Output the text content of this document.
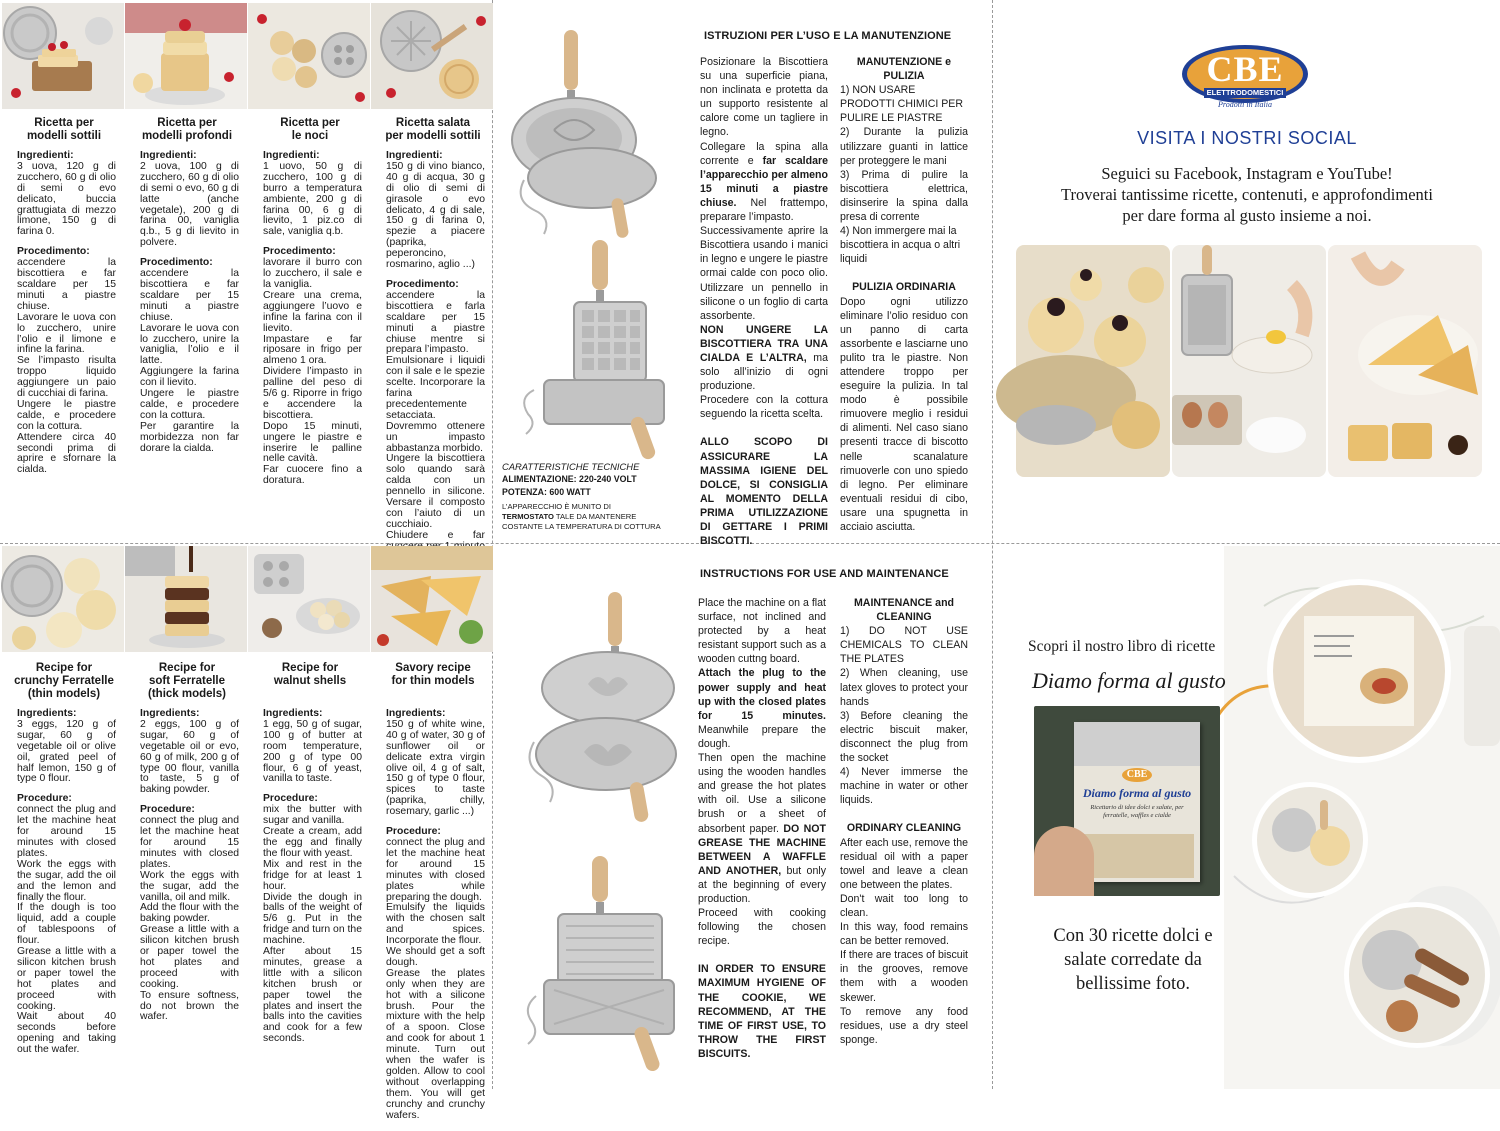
Ricetta per
modelli sottili
Ingredienti:
3 uova, 120 g di zucchero, 60 g di olio di semi o evo delicato, buccia grattugiata di mezzo limone, 150 g di farina 0.
Procedimento:
accendere la biscottiera e far scaldare per 15 minuti a piastre chiuse.
Lavorare le uova con lo zucchero, unire l’olio e il limone e infine la farina.
Se l’impasto risulta troppo liquido aggiungere un paio di cucchiai di farina.
Ungere le piastre calde, e procedere con la cottura.
Attendere circa 40 secondi prima di aprire e sfornare la cialda.
Ricetta per
modelli profondi
Ingredienti:
2 uova, 100 g di zucchero, 60 g di olio di semi o evo, 60 g di latte (anche vegetale), 200 g di farina 00, vaniglia q.b., 5 g di lievito in polvere.
Procedimento:
accendere la biscottiera e far scaldare per 15 minuti a piastre chiuse.
Lavorare le uova con lo zucchero, unire la vaniglia, l’olio e il latte.
Aggiungere la farina con il lievito.
Ungere le piastre calde, e procedere con la cottura.
Per garantire la morbidezza non far dorare la cialda.
Ricetta per
le noci
Ingredienti:
1 uovo, 50 g di zucchero, 100 g di burro a temperatura ambiente, 200 g di farina 00, 6 g di lievito, 1 piz.co di sale, vaniglia q.b.
Procedimento:
lavorare il burro con lo zucchero, il sale e la vaniglia.
Creare una crema, aggiungere l’uovo e infine la farina con il lievito.
Impastare e far riposare in frigo per almeno 1 ora.
Dividere l’impasto in palline del peso di 5/6 g. Riporre in frigo e accendere la biscottiera.
Dopo 15 minuti, ungere le piastre e inserire le palline nelle cavità.
Far cuocere fino a doratura.
Ricetta salata
per modelli sottili
Ingredienti:
150 g di vino bianco, 40 g di acqua, 30 g di olio di semi di girasole o evo delicato, 4 g di sale, 150 g di farina 0, spezie a piacere (paprika, peperoncino, rosmarino, aglio ...)
Procedimento:
accendere la biscottiera e farla scaldare per 15 minuti a piastre chiuse mentre si prepara l’impasto.
Emulsionare i liquidi con il sale e le spezie scelte. Incorporare la farina precedentemente setacciata.
Dovremmo ottenere un impasto abbastanza morbido.
Ungere la biscottiera solo quando sarà calda con un pennello in silicone. Versare il composto con l’aiuto di un cucchiaio.
Chiudere e far

Recipe for
crunchy Ferratelle
(thin models)
Ingredients:
3 eggs, 120 g of sugar, 60 g of vegetable oil or olive oil, grated peel of half lemon, 150 g of type 0 flour.
Procedure:
connect the plug and let the machine heat for around 15 minutes with closed plates.
Work the eggs with the sugar, add the oil and the lemon and finally the flour.
If the dough is too liquid, add a couple of tablespoons of flour.
Grease a little with a silicon kitchen brush or paper towel the hot plates and proceed with cooking.
Wait about 40 seconds before opening and taking out the wafer.
Recipe for
soft Ferratelle
(thick models)
Ingredients:
2 eggs, 100 g of sugar, 60 g of vegetable oil or evo, 60 g of milk, 200 g of type 00 flour, vanilla to taste, 5 g of baking powder.
Procedure:
connect the plug and let the machine heat for around 15 minutes with closed plates.
Work the eggs with the sugar, add the vanilla, oil and milk.
Add the flour with the baking powder.
Grease a little with a silicon kitchen brush or paper towel the hot plates and proceed with cooking.
To ensure softness, do not brown the wafer.
Recipe for
walnut shells
Ingredients:
1 egg, 50 g of sugar, 100 g of butter at room temperature, 200 g of type 00 flour, 6 g of yeast, vanilla to taste.
Procedure:
mix the butter with sugar and vanilla.
Create a cream, add the egg and finally the flour with yeast.
Mix and rest in the fridge for at least 1 hour.
Divide the dough in balls of the weight of 5/6 g. Put in the fridge and turn on the machine.
After about 15 minutes, grease a little with a silicon kitchen brush or paper towel the plates and insert the balls into the cavities and cook for a few seconds.
Savory recipe
for thin models
Ingredients:
150 g of white wine, 40 g of water, 30 g of sunflower oil or delicate extra virgin olive oil, 4 g of salt, 150 g of type 0 flour, spices to taste (paprika, chilly, rosemary, garlic ...)
Procedure:
connect the plug and let the machine heat for around 15 minutes with closed plates while preparing the dough.
Emulsify the liquids with the chosen salt and spices. Incorporate the flour.
We should get a soft dough.
Grease the plates only when they are hot with a silicone brush. Pour the mixture with the help of a spoon. Close and cook for about 1 minute. Turn out when the wafer is golden. Allow to cool without overlapping them. You will get crunchy and crunchy wafers.
CARATTERISTICHE TECNICHE
ALIMENTAZIONE: 220-240 VOLT
POTENZA: 600 WATT
L’APPARECCHIO È MUNITO DI
TERMOSTATO TALE DA MANTENERE
COSTANTE LA TEMPERATURA DI COTTURA
ISTRUZIONI PER L’USO E LA MANUTENZIONE

Posizionare la Biscottiera su una superficie piana, non inclinata e protetta da un supporto resistente al calore come un tagliere in legno.

Collegare la spina alla corrente e far scaldare l’apparecchio per almeno 15 minuti a piastre chiuse. Nel frattempo, preparare l’impasto.

Successivamente aprire la Biscottiera usando i manici in legno e ungere le piastre ormai calde con poco olio. Utilizzare un pennello in silicone o un foglio di carta assorbente.

NON UNGERE LA BISCOTTIERA TRA UNA CIALDA E L’ALTRA, ma solo all’inizio di ogni produzione.

Procedere con la cottura seguendo la ricetta scelta.

ALLO SCOPO DI ASSICURARE LA MASSIMA IGIENE DEL DOLCE, SI CONSIGLIA AL MOMENTO DELLA PRIMA UTILIZZAZIONE DI GETTARE I PRIMI BISCOTTI.

MANUTENZIONE e PULIZIA

1) NON USARE PRODOTTI CHIMICI PER PULIRE LE PIASTRE

2) Durante la pulizia utilizzare guanti in lattice per proteggere le mani

3) Prima di pulire la biscottiera elettrica, disinserire la spina dalla presa di corrente

4) Non immergere mai la biscottiera in acqua o altri liquidi

PULIZIA ORDINARIA

Dopo ogni utilizzo eliminare l’olio residuo con un panno di carta assorbente e lasciarne uno pulito tra le piastre. Non attendere troppo per eseguire la pulizia. In tal modo è possibile rimuovere meglio i residui di alimenti. Nel caso siano presenti tracce di biscotto nelle scanalature rimuoverle con uno spiedo di legno. Per eliminare eventuali residui di cibo, usare una spugnetta in acciaio asciutta.

INSTRUCTIONS FOR USE AND MAINTENANCE

Place the machine on a flat surface, not inclined and protected by a heat resistant support such as a wooden cuttng board.

Attach the plug to the power supply and heat up with the closed plates for 15 minutes. Meanwhile prepare the dough.

Then open the machine using the wooden handles and grease the hot plates with oil. Use a silicone brush or a sheet of absorbent paper. DO NOT GREASE THE MACHINE BETWEEN A WAFFLE AND ANOTHER, but only at the beginning of every production.

Proceed with cooking following the chosen recipe.

IN ORDER TO ENSURE MAXIMUM HYGIENE OF THE COOKIE, WE RECOMMEND, AT THE TIME OF FIRST USE, TO THROW THE FIRST BISCUITS.

MAINTENANCE and CLEANING

1) DO NOT USE CHEMICALS TO CLEAN THE PLATES

2) When cleaning, use latex gloves to protect your hands

3) Before cleaning the electric biscuit maker, disconnect the plug from the socket

4) Never immerse the machine in water or other liquids.

ORDINARY CLEANING

After each use, remove the residual oil with a paper towel and leave a clean one between the plates.
Don't wait too long to clean.
In this way, food remains can be better removed.
If there are traces of biscuit in the grooves, remove them with a wooden skewer.
To remove any food residues, use a dry steel sponge.

CBE
ELETTRODOMESTICI
Prodotti in Italia
VISITA I NOSTRI SOCIAL
Seguici su Facebook, Instagram e YouTube!
Troverai tantissime ricette, contenuti, e approfondimenti
per dare forma al gusto insieme a noi.
Scopri il nostro libro di ricette
Diamo forma al gusto
CBE
Diamo forma al gusto
Ricettario di idee dolci e salate, per ferratelle, waffles e cialde
Con 30 ricette dolci e
salate corredate da
bellissime foto.
